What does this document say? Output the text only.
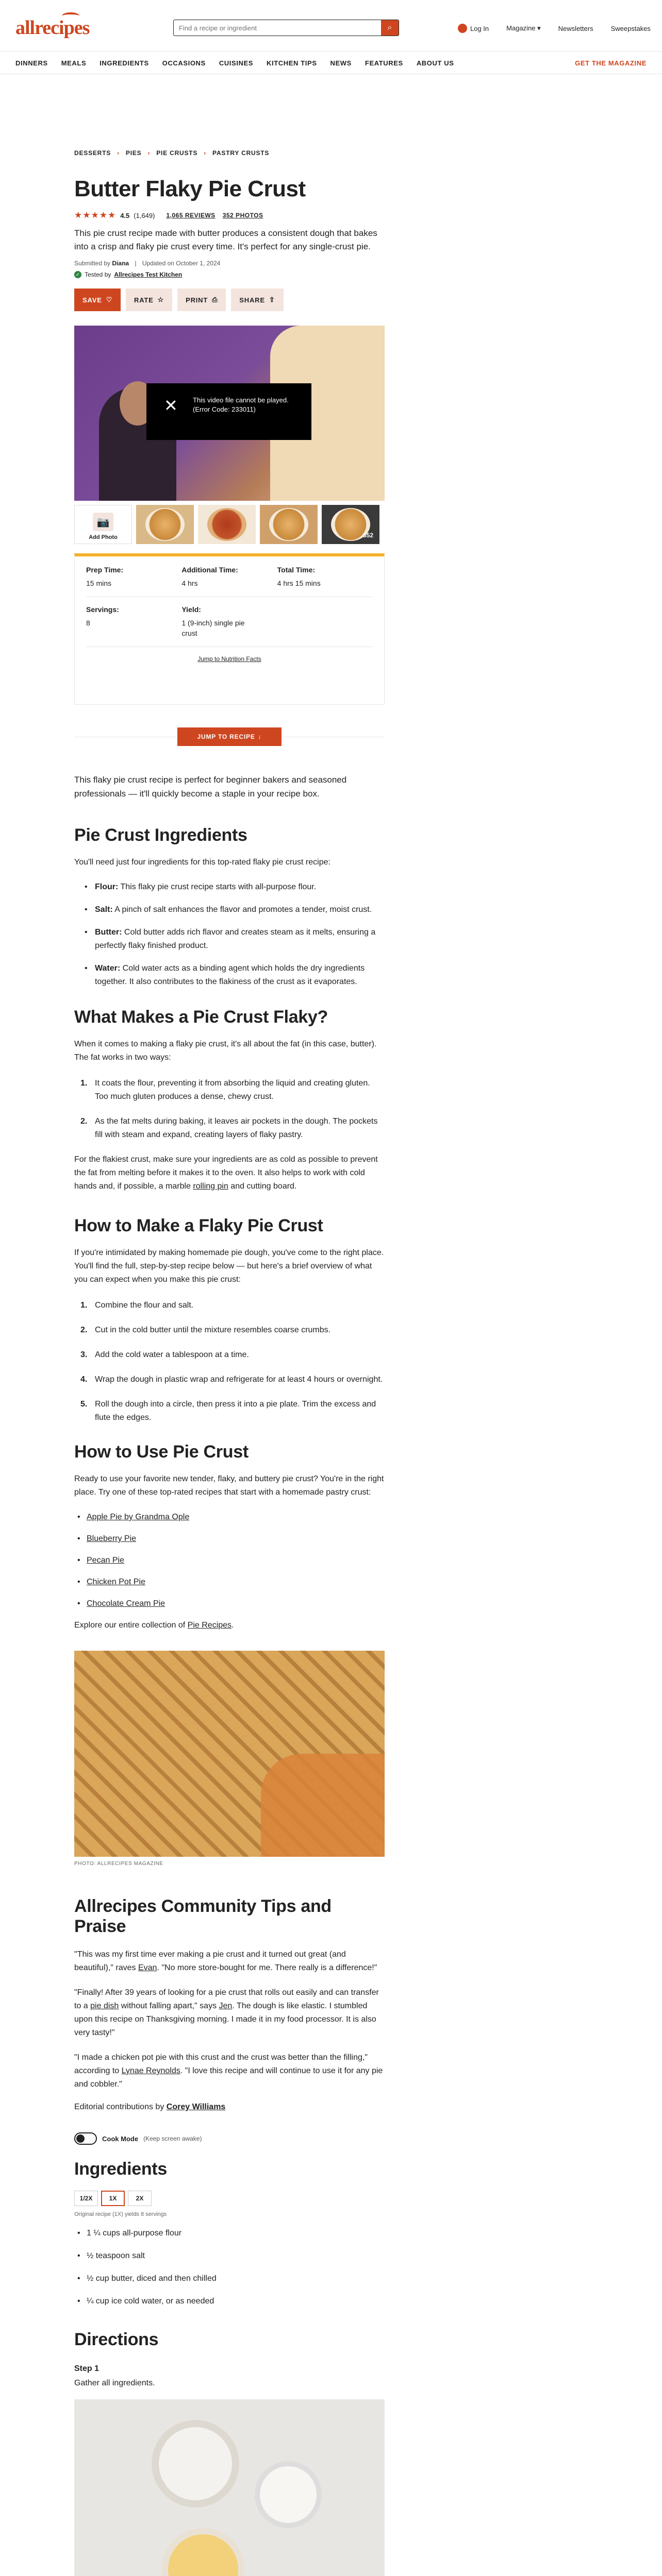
allrecipes
Find a recipe or ingredient	⌕	Log In	Magazine ▾	Newsletters	Sweepstakes
DINNERS MEALS INGREDIENTS OCCASIONS CUISINES KITCHEN TIPS NEWS FEATURES ABOUT US	GET THE MAGAZINE
DESSERTS › PIES › PIE CRUSTS › PASTRY CRUSTS
Butter Flaky Pie Crust
★★★★★ 4.5 (1,649) 1,065 REVIEWS 352 PHOTOS

This pie crust recipe made with butter produces a consistent dough that bakes into a crisp and flaky pie crust every time. It's perfect for any single-crust pie.

Submitted by Diana | Updated on October 1, 2024
✓ Tested by Allrecipes Test Kitchen
SAVE ♡	RATE ☆	PRINT ⎙	SHARE ⇪
✕ This video file cannot be played.
(Error Code: 233011)
📷
Add Photo	352
Prep Time:
15 mins
Additional Time:
4 hrs
Total Time:
4 hrs 15 mins
Servings:
8
Yield:
1 (9-inch) single pie crust
Jump to Nutrition Facts
JUMP TO RECIPE ↓

This flaky pie crust recipe is perfect for beginner bakers and seasoned professionals — it'll quickly become a staple in your recipe box.

Pie Crust Ingredients

You'll need just four ingredients for this top-rated flaky pie crust recipe:

• Flour: This flaky pie crust recipe starts with all-purpose flour.
• Salt: A pinch of salt enhances the flavor and promotes a tender, moist crust.
• Butter: Cold butter adds rich flavor and creates steam as it melts, ensuring a perfectly flaky finished product.
• Water: Cold water acts as a binding agent which holds the dry ingredients together. It also contributes to the flakiness of the crust as it evaporates.
What Makes a Pie Crust Flaky?

When it comes to making a flaky pie crust, it's all about the fat (in this case, butter). The fat works in two ways:

1. It coats the flour, preventing it from absorbing the liquid and creating gluten. Too much gluten produces a dense, chewy crust.
2. As the fat melts during baking, it leaves air pockets in the dough. The pockets fill with steam and expand, creating layers of flaky pastry.

For the flakiest crust, make sure your ingredients are as cold as possible to prevent the fat from melting before it makes it to the oven. It also helps to work with cold hands and, if possible, a marble rolling pin and cutting board.

How to Make a Flaky Pie Crust

If you're intimidated by making homemade pie dough, you've come to the right place. You'll find the full, step-by-step recipe below — but here's a brief overview of what you can expect when you make this pie crust:

1. Combine the flour and salt.
2. Cut in the cold butter until the mixture resembles coarse crumbs.
3. Add the cold water a tablespoon at a time.
4. Wrap the dough in plastic wrap and refrigerate for at least 4 hours or overnight.
5. Roll the dough into a circle, then press it into a pie plate. Trim the excess and flute the edges.
How to Use Pie Crust

Ready to use your favorite new tender, flaky, and buttery pie crust? You're in the right place. Try one of these top-rated recipes that start with a homemade pastry crust:

• Apple Pie by Grandma Ople
• Blueberry Pie
• Pecan Pie
• Chicken Pot Pie
• Chocolate Cream Pie

Explore our entire collection of Pie Recipes.

PHOTO: ALLRECIPES MAGAZINE
Allrecipes Community Tips and Praise

"This was my first time ever making a pie crust and it turned out great (and beautiful)," raves Evan. "No more store-bought for me. There really is a difference!"

"Finally! After 39 years of looking for a pie crust that rolls out easily and can transfer to a pie dish without falling apart," says Jen. The dough is like elastic. I stumbled upon this recipe on Thanksgiving morning. I made it in my food processor. It is also very tasty!"

"I made a chicken pot pie with this crust and the crust was better than the filling," according to Lynae Reynolds. "I love this recipe and will continue to use it for any pie and cobbler."

Editorial contributions by Corey Williams

Cook Mode (Keep screen awake)
Ingredients
1/2X	1X	2X
Original recipe (1X) yields 8 servings
• 1 ¼ cups all-purpose flour
• ½ teaspoon salt
• ½ cup butter, diced and then chilled
• ¼ cup ice cold water, or as needed
Directions
Step 1
Gather all ingredients.
